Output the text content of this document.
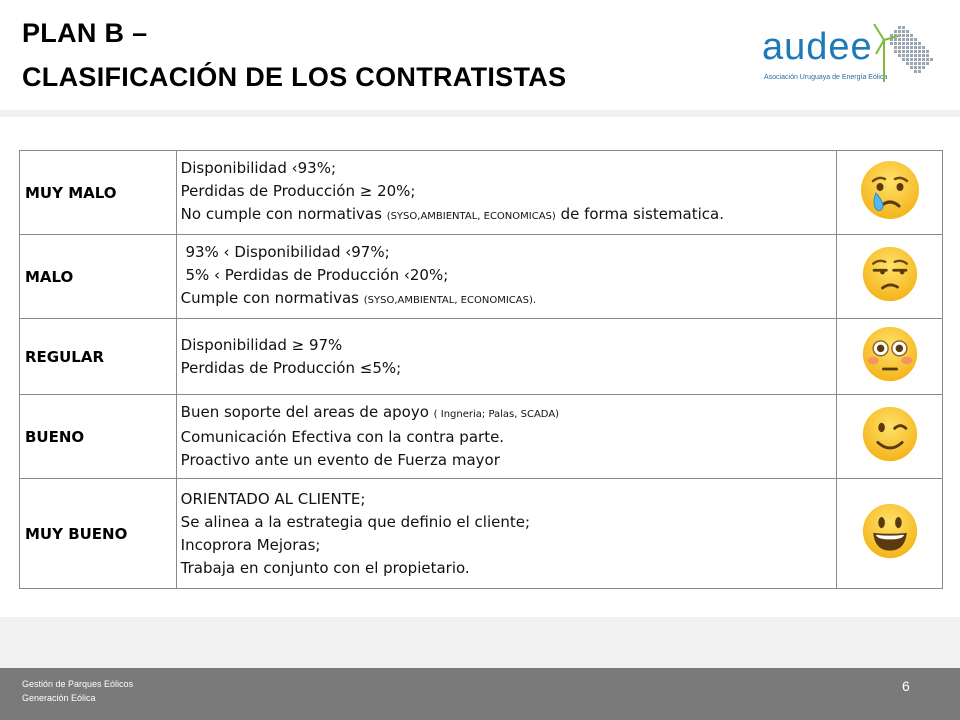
PLAN B –
CLASIFICACIÓN DE LOS CONTRATISTAS
audee
Asociación Uruguaya de Energía Eólica
MUY MALO	Disponibilidad ‹93%;
Perdidas de Producción ≥ 20%;
No cumple con normativas (SYSO,AMBIENTAL, ECONOMICAS) de forma sistematica.

MALO	93% ‹ Disponibilidad ‹97%;
5% ‹ Perdidas de Producción ‹20%;
Cumple con normativas (SYSO,AMBIENTAL, ECONOMICAS).

REGULAR	Disponibilidad ≥ 97%
Perdidas de Producción ≤5%;

BUENO	Buen soporte del areas de apoyo ( Ingneria; Palas, SCADA)
Comunicación Efectiva con la contra parte.
Proactivo ante un evento de Fuerza mayor

MUY BUENO	ORIENTADO AL CLIENTE;
Se alinea a la estrategia que definio el cliente;
Incoprora Mejoras;
Trabaja en conjunto con el propietario.

Gestión de Parques Eólicos
Generación Eólica
6
